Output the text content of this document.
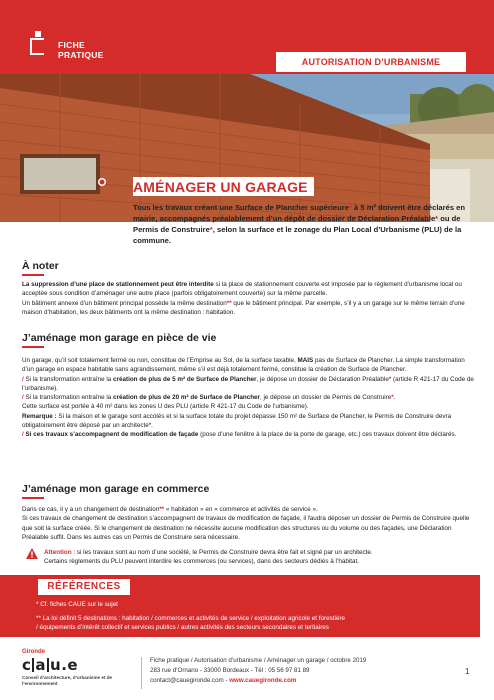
FICHE
PRATIQUE
AUTORISATION D’URBANISME
AMÉNAGER UN GARAGE
Tous les travaux créant une Surface de Plancher supérieure* à 5 m² doivent être déclarés en mairie, accompagnés préalablement d’un dépôt de dossier de Déclaration Préalable* ou de Permis de Construire*, selon la surface et le zonage du Plan Local d’Urbanisme (PLU) de la commune.
À noter
La suppression d’une place de stationnement peut être interdite si la place de stationnement couverte est imposée par le règlement d’urbanisme local ou acceptée sous condition d’aménager une autre place (parfois obligatoirement couverte) sur la même parcelle.
Un bâtiment annexe d’un bâtiment principal possède la même destination** que le bâtiment principal. Par exemple, s’il y a un garage sur le même terrain d’une maison d’habitation, les deux bâtiments ont la même destination : habitation.
J’aménage mon garage en pièce de vie
Un garage, qu’il soit totalement fermé ou non, constitue de l’Emprise au Sol, de la surface taxable, MAIS pas de Surface de Plancher. La simple transformation d’un garage en espace habitable sans agrandissement, même s’il est déjà totalement fermé, constitue la création de Surface de Plancher.
/ Si la transformation entraîne la création de plus de 5 m² de Surface de Plancher, je dépose un dossier de Déclaration Préalable* (article R 421-17 du Code de l’urbanisme).
/ Si la transformation entraîne la création de plus de 20 m² de Surface de Plancher, je dépose un dossier de Permis de Construire*.
Cette surface est portée à 40 m² dans les zones U des PLU (article R 421-17 du Code de l’urbanisme).
Remarque : Si la maison et le garage sont accolés et si la surface totale du projet dépasse 150 m² de Surface de Plancher, le Permis de Construire devra obligatoirement être déposé par un architecte*.
/ Si ces travaux s’accompagnent de modification de façade (pose d’une fenêtre à la place de la porte de garage, etc.) ces travaux doivent être déclarés.
J’aménage mon garage en commerce
Dans ce cas, il y a un changement de destination** « habitation » en « commerce et activités de service ».
Si ces travaux de changement de destination s’accompagnent de travaux de modification de façade, il faudra déposer un dossier de Permis de Construire quelle que soit la surface créée. Si le changement de destination ne nécessite aucune modification des structures ou du volume ou des façades, une Déclaration Préalable suffit. Dans les autres cas un Permis de Construire sera nécessaire.
Attention : si les travaux sont au nom d’une société, le Permis de Construire devra être fait et signé par un architecte.
Certains règlements du PLU peuvent interdire les commerces (ou services), dans des secteurs dédiés à l’habitat.
RÉFÉRENCES
* Cf. fiches CAUE sur le sujet
** La loi définit 5 destinations : habitation / commerces et activités de service / exploitation agricole et forestière
/ équipements d’intérêt collectif et services publics / autres activités des secteurs secondaires et tertiaires
Gironde
c a u.e
Conseil d’architecture, d’urbanisme et de l’environnement
Fiche pratique / Autorisation d’urbanisme / Aménager un garage / octobre 2019
283 rue d’Ornano - 33000 Bordeaux - Tél : 05 56 97 81 89
contact@cauegironde.com - www.cauegironde.com
1
